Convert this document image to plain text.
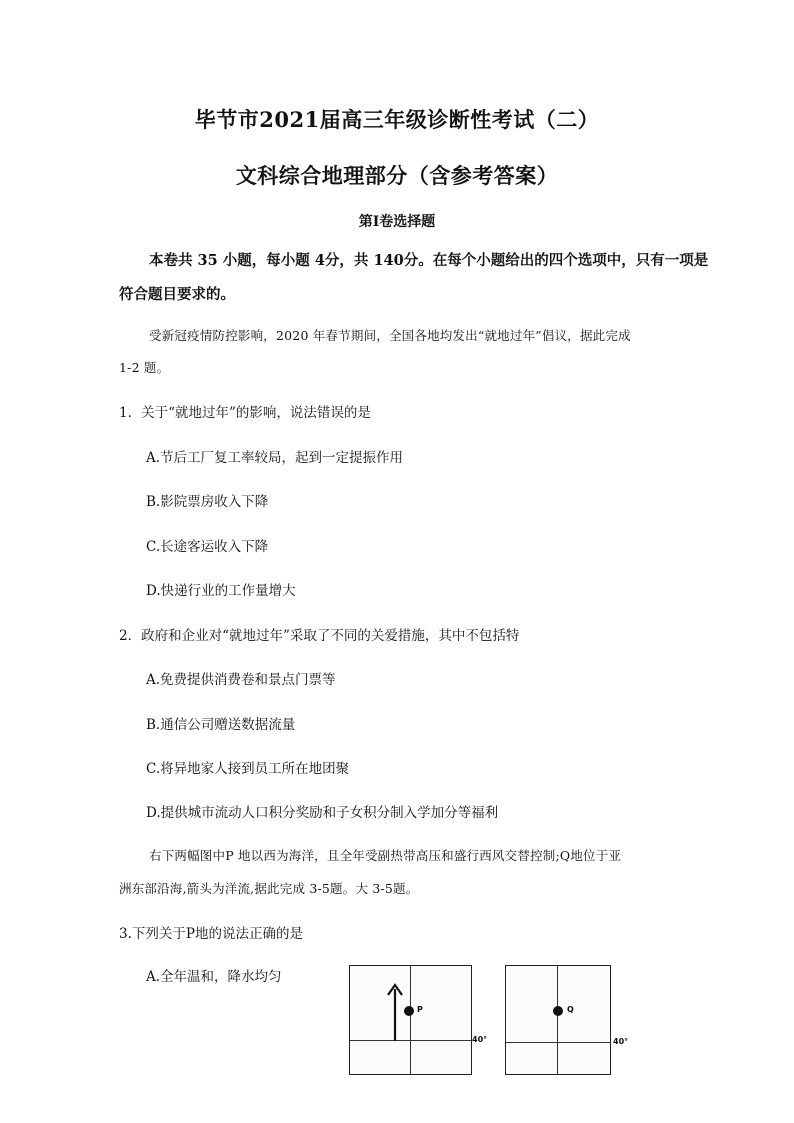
毕节市2021届高三年级诊断性考试（二）
文科综合地理部分（含参考答案）
第I卷选择题
本卷共 35 小题，每小题 4分，共 140分。在每个小题给出的四个选项中，只有一项是
符合题目要求的。
受新冠疫情防控影响，2020 年春节期间，全国各地均发出“就地过年”倡议，据此完成
1-2 题。
1．关于“就地过年”的影响，说法错误的是
A.节后工厂复工率较局，起到一定提振作用
B.影院票房收入下降
C.长途客运收入下降
D.快递行业的工作量增大
2．政府和企业对“就地过年”采取了不同的关爱措施，其中不包括特
A.免费提供消费卷和景点门票等
B.通信公司赠送数据流量
C.将异地家人接到员工所在地团聚
D.提供城市流动人口积分奖励和子女积分制入学加分等福利
右下两幅图中P 地以西为海洋，且全年受副热带高压和盛行西风交替控制;Q地位于亚
洲东部沿海,箭头为洋流,据此完成 3-5题。大 3-5题。
3.下列关于P地的说法正确的是
A.全年温和，降水均匀
P
40°
Q
40°
